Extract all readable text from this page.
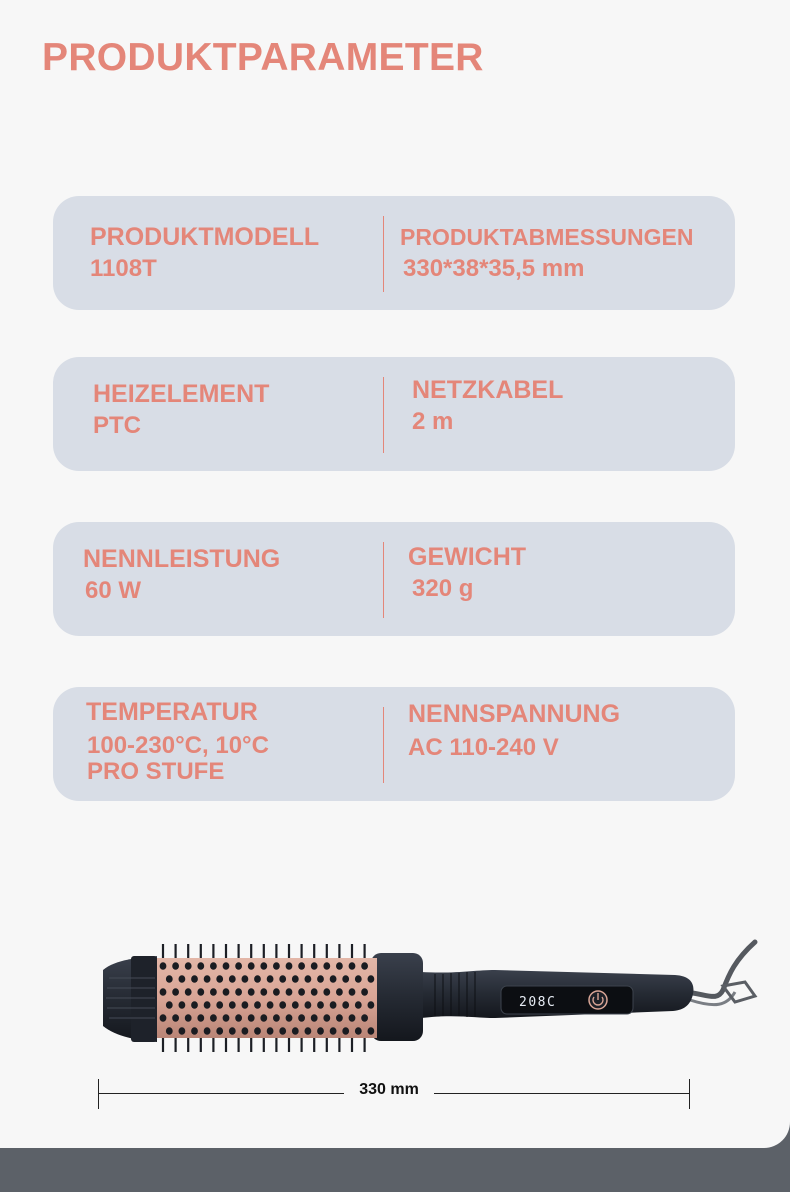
PRODUKTPARAMETER
PRODUKTMODELL
1108T
PRODUKTABMESSUNGEN
330*38*35,5 mm
HEIZELEMENT
PTC
NETZKABEL
2 m
NENNLEISTUNG
60 W
GEWICHT
320 g
TEMPERATUR
100-230°C, 10°C
PRO STUFE
NENNSPANNUNG
AC 110-240 V
208C
330 mm
